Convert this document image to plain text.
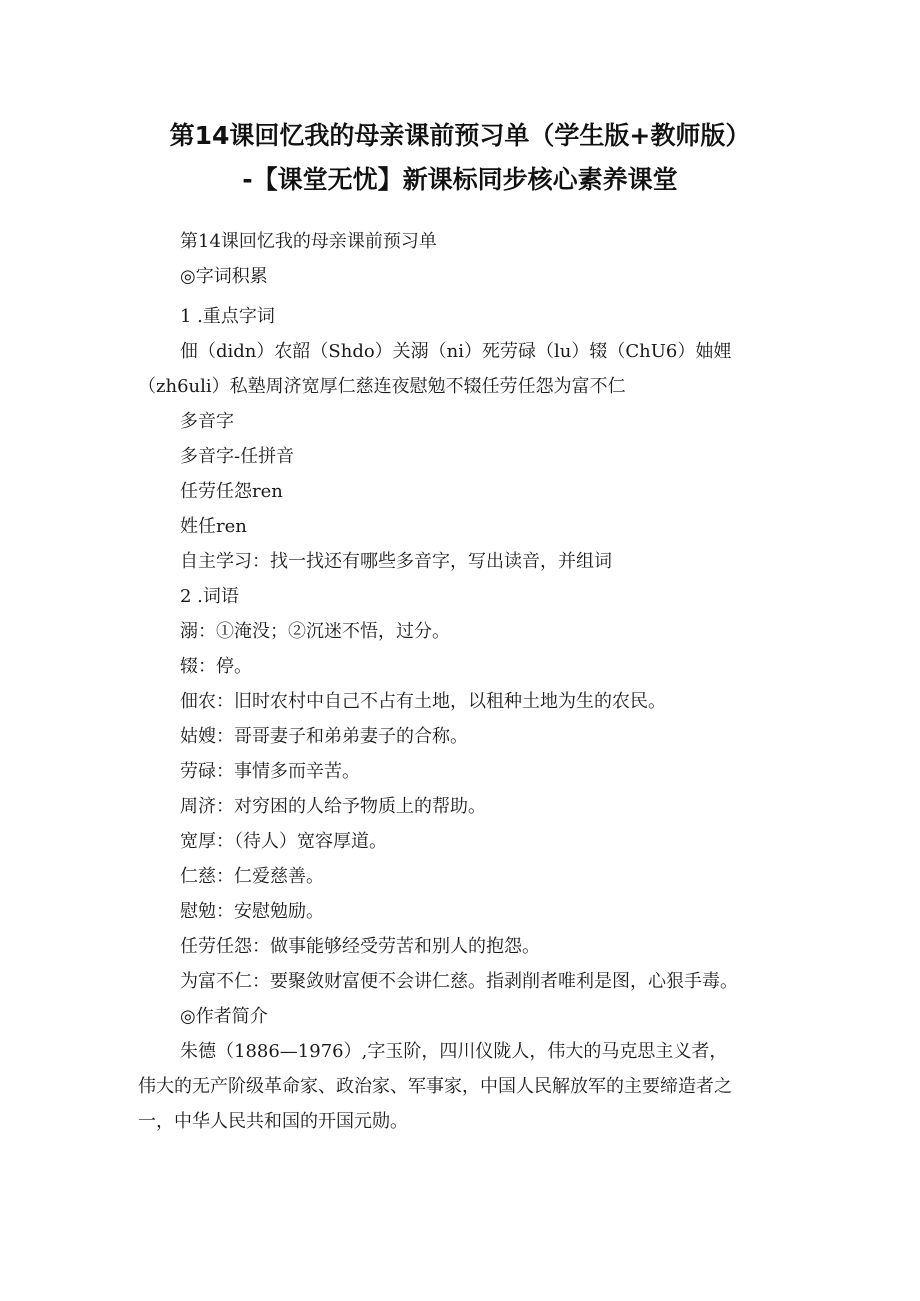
第14课回忆我的母亲课前预习单（学生版+教师版）
-【课堂无忧】新课标同步核心素养课堂
第14课回忆我的母亲课前预习单
◎字词积累
1 .重点字词
佃（didn）农韶（Shdo）关溺（ni）死劳碌（lu）辍（ChU6）妯娌
（zh6uli）私塾周济宽厚仁慈连夜慰勉不辍任劳任怨为富不仁
多音字
多音字-任拼音
任劳任怨ren
姓任ren
自主学习：找一找还有哪些多音字，写出读音，并组词
2 .词语
溺：①淹没；②沉迷不悟，过分。
辍：停。
佃农：旧时农村中自己不占有土地，以租种土地为生的农民。
姑嫂：哥哥妻子和弟弟妻子的合称。
劳碌：事情多而辛苦。
周济：对穷困的人给予物质上的帮助。
宽厚：（待人）宽容厚道。
仁慈：仁爱慈善。
慰勉：安慰勉励。
任劳任怨：做事能够经受劳苦和别人的抱怨。
为富不仁：要聚敛财富便不会讲仁慈。指剥削者唯利是图，心狠手毒。
◎作者简介
朱德（1886—1976）,字玉阶，四川仪陇人，伟大的马克思主义者，
伟大的无产阶级革命家、政治家、军事家，中国人民解放军的主要缔造者之
一，中华人民共和国的开国元勋。
